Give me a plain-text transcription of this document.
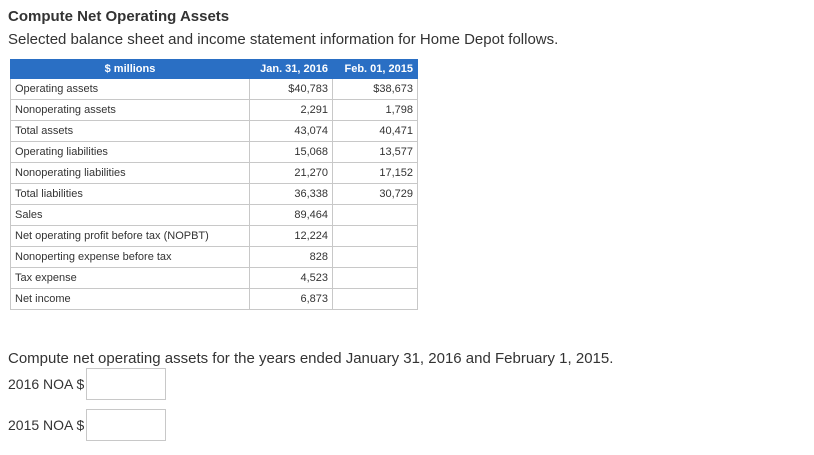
Compute Net Operating Assets
Selected balance sheet and income statement information for Home Depot follows.
$ millions	Jan. 31, 2016	Feb. 01, 2015
Operating assets	$40,783	$38,673
Nonoperating assets	2,291	1,798
Total assets	43,074	40,471
Operating liabilities	15,068	13,577
Nonoperating liabilities	21,270	17,152
Total liabilities	36,338	30,729
Sales	89,464	
Net operating profit before tax (NOPBT)	12,224	
Nonoperting expense before tax	828	
Tax expense	4,523	
Net income	6,873	
Compute net operating assets for the years ended January 31, 2016 and February 1, 2015.
2016 NOA $
2015 NOA $
